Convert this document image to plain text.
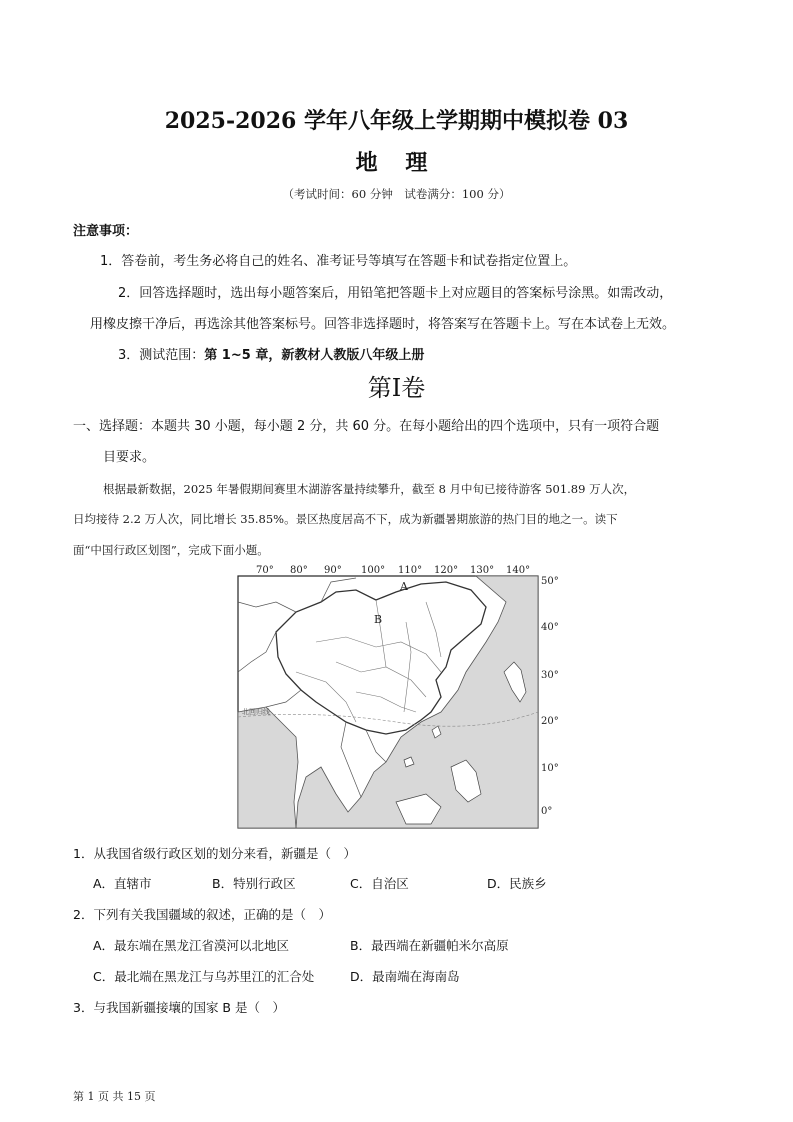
2025-2026 学年八年级上学期期中模拟卷 03
地 理
（考试时间：60 分钟　试卷满分：100 分）
注意事项：
1．答卷前，考生务必将自己的姓名、准考证号等填写在答题卡和试卷指定位置上。
2．回答选择题时，选出每小题答案后，用铅笔把答题卡上对应题目的答案标号涂黑。如需改动，
用橡皮擦干净后，再选涂其他答案标号。回答非选择题时，将答案写在答题卡上。写在本试卷上无效。
3．测试范围：第 1~5 章，新教材人教版八年级上册
第Ⅰ卷
一、选择题：本题共 30 小题，每小题 2 分，共 60 分。在每小题给出的四个选项中，只有一项符合题
目要求。
根据最新数据，2025 年暑假期间赛里木湖游客量持续攀升，截至 8 月中旬已接待游客 501.89 万人次，
日均接待 2.2 万人次，同比增长 35.85%。景区热度居高不下，成为新疆暑期旅游的热门目的地之一。读下
面“中国行政区划图”，完成下面小题。
北回归线
A
B
70° 80° 90° 100° 110° 120° 130° 140°
50°
40°
30°
20°
10°
0°
1．从我国省级行政区划的划分来看，新疆是（　）
A．直辖市	B．特别行政区	C．自治区	D．民族乡
2．下列有关我国疆域的叙述，正确的是（　）
A．最东端在黑龙江省漠河以北地区	B．最西端在新疆帕米尔高原
C．最北端在黑龙江与乌苏里江的汇合处	D．最南端在海南岛
3．与我国新疆接壤的国家 B 是（　）
第 1 页 共 15 页
